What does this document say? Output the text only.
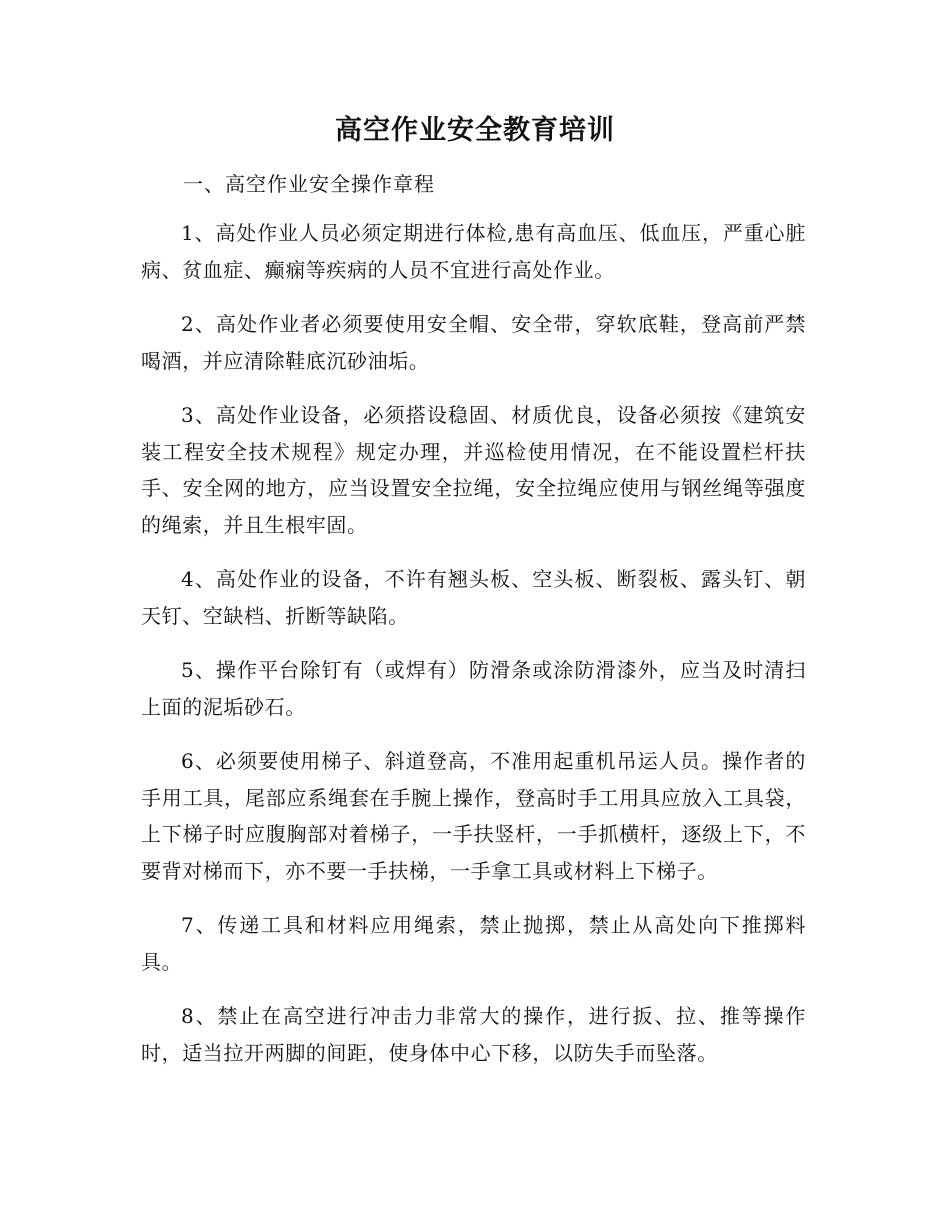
高空作业安全教育培训

一、高空作业安全操作章程

1、高处作业人员必须定期进行体检,患有高血压、低血压，严重心脏病、贫血症、癫痫等疾病的人员不宜进行高处作业。

2、高处作业者必须要使用安全帽、安全带，穿软底鞋，登高前严禁喝酒，并应清除鞋底沉砂油垢。

3、高处作业设备，必须搭设稳固、材质优良，设备必须按《建筑安装工程安全技术规程》规定办理，并巡检使用情况，在不能设置栏杆扶手、安全网的地方，应当设置安全拉绳，安全拉绳应使用与钢丝绳等强度的绳索，并且生根牢固。

4、高处作业的设备，不许有翘头板、空头板、断裂板、露头钉、朝天钉、空缺档、折断等缺陷。

5、操作平台除钉有（或焊有）防滑条或涂防滑漆外，应当及时清扫上面的泥垢砂石。

6、必须要使用梯子、斜道登高，不准用起重机吊运人员。操作者的手用工具，尾部应系绳套在手腕上操作，登高时手工用具应放入工具袋，上下梯子时应腹胸部对着梯子，一手扶竖杆，一手抓横杆，逐级上下，不要背对梯而下，亦不要一手扶梯，一手拿工具或材料上下梯子。

7、传递工具和材料应用绳索，禁止抛掷，禁止从高处向下推掷料具。

8、禁止在高空进行冲击力非常大的操作，进行扳、拉、推等操作时，适当拉开两脚的间距，使身体中心下移，以防失手而坠落。
